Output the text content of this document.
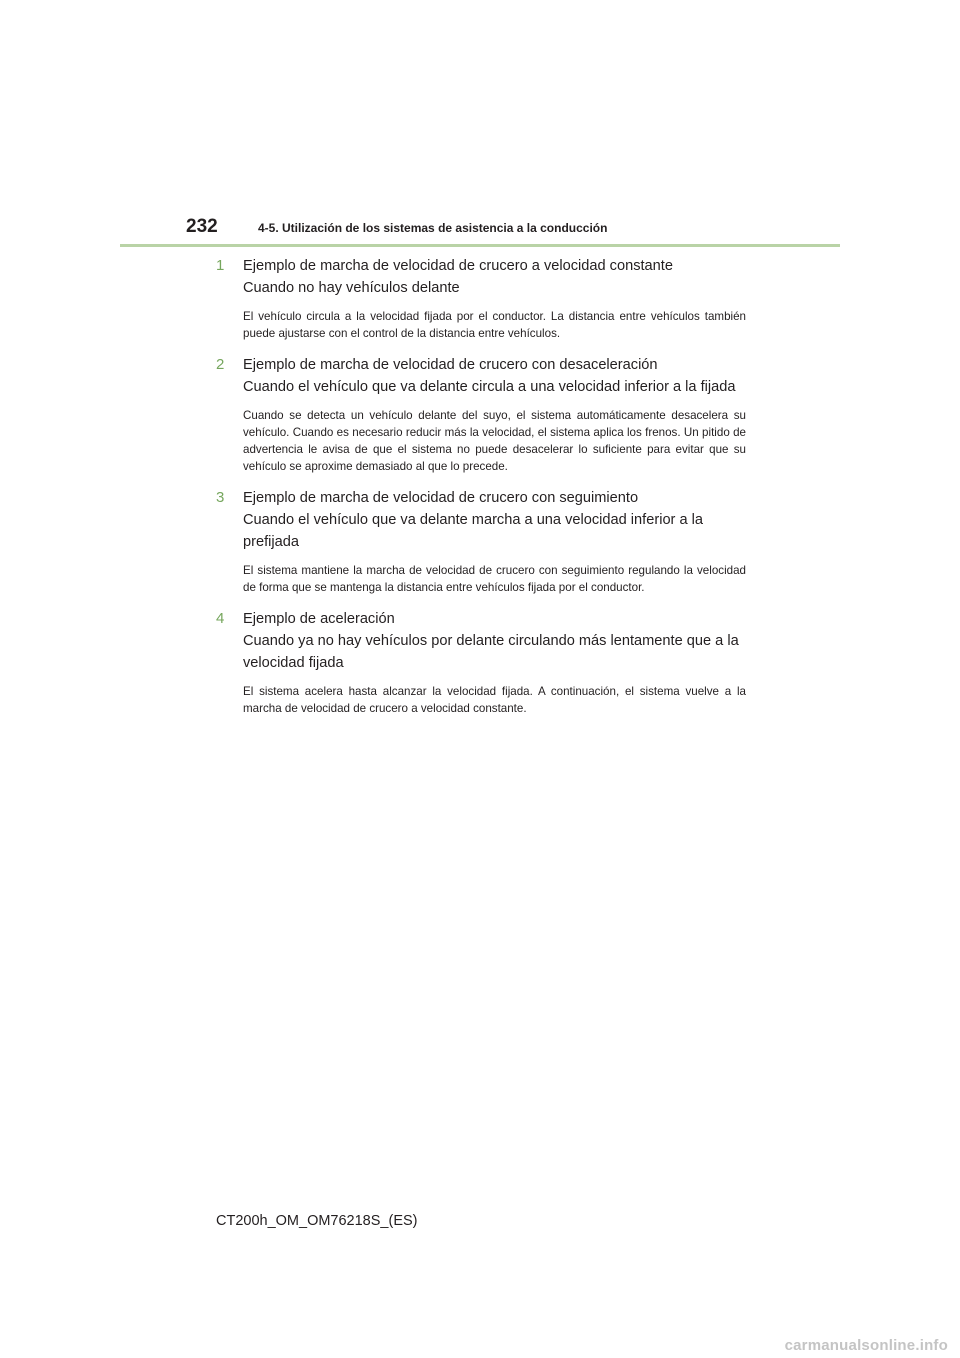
232	4-5. Utilización de los sistemas de asistencia a la conducción
1 Ejemplo de marcha de velocidad de crucero a velocidad constante
Cuando no hay vehículos delante

El vehículo circula a la velocidad fijada por el conductor. La distancia entre vehículos también puede ajustarse con el control de la distancia entre vehículos.

2 Ejemplo de marcha de velocidad de crucero con desaceleración
Cuando el vehículo que va delante circula a una velocidad inferior a la fijada

Cuando se detecta un vehículo delante del suyo, el sistema automáticamente desacelera su vehículo. Cuando es necesario reducir más la velocidad, el sistema aplica los frenos. Un pitido de advertencia le avisa de que el sistema no puede desacelerar lo suficiente para evitar que su vehículo se aproxime demasiado al que lo precede.

3 Ejemplo de marcha de velocidad de crucero con seguimiento
Cuando el vehículo que va delante marcha a una velocidad inferior a la prefijada

El sistema mantiene la marcha de velocidad de crucero con seguimiento regulando la velocidad de forma que se mantenga la distancia entre vehículos fijada por el conductor.

4 Ejemplo de aceleración
Cuando ya no hay vehículos por delante circulando más lentamente que a la velocidad fijada

El sistema acelera hasta alcanzar la velocidad fijada. A continuación, el sistema vuelve a la marcha de velocidad de crucero a velocidad constante.

CT200h_OM_OM76218S_(ES)
carmanualsonline.info
